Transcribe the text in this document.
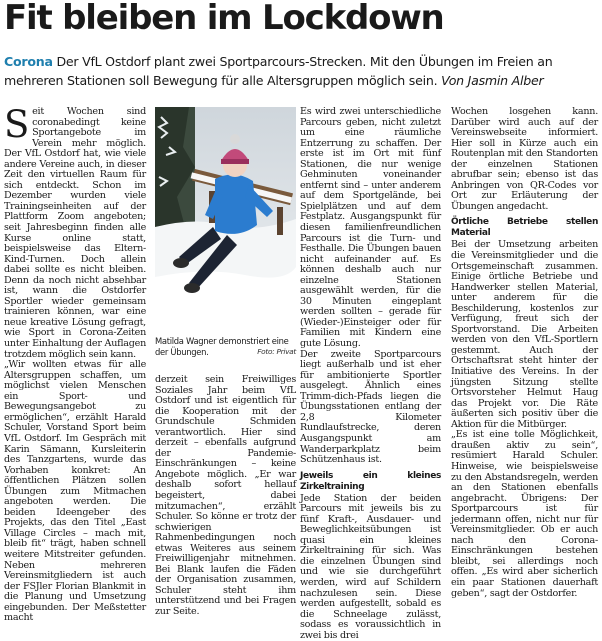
Fit bleiben im Lockdown

Corona Der VfL Ostdorf plant zwei Sportparcours-Strecken. Mit den Übungen im Freien an mehreren Stationen soll Bewegung für alle Altersgruppen möglich sein. Von Jasmin Alber

Seit Wochen sind coronabedingt keine Sportangebote im Verein mehr möglich. Der VfL Ostdorf hat, wie viele andere Vereine auch, in dieser Zeit den virtuellen Raum für sich entdeckt. Schon im Dezember wurden viele Trainingseinheiten auf der Plattform Zoom angeboten; seit Jahresbeginn finden alle Kurse online statt, beispielsweise das Eltern-Kind-Turnen. Doch allein dabei sollte es nicht bleiben. Denn da noch nicht absehbar ist, wann die Ostdorfer Sportler wieder gemeinsam trainieren können, war eine neue kreative Lösung gefragt, wie Sport in Corona-Zeiten unter Einhaltung der Auflagen trotzdem möglich sein kann.

„Wir wollten etwas für alle Altersgruppen schaffen, um möglichst vielen Menschen ein Sport- und Bewegungsangebot zu ermöglichen“, erzählt Harald Schuler, Vorstand Sport beim VfL Ostdorf. Im Gespräch mit Karin Sämann, Kursleiterin des Tanzgartens, wurde das Vorhaben konkret: An öffentlichen Plätzen sollen Übungen zum Mitmachen angeboten werden. Die beiden Ideengeber des Projekts, das den Titel „East Village Circles – mach mit, bleib fit“ trägt, haben schnell weitere Mitstreiter gefunden. Neben mehreren Vereinsmitgliedern ist auch der FSJler Florian Blankmit in die Planung und Umsetzung eingebunden. Der Meßstetter macht

Matilda Wagner demonstriert eine der Übungen.	Foto: Privat

derzeit sein Freiwilliges Soziales Jahr beim VfL Ostdorf und ist eigentlich für die Kooperation mit der Grundschule Schmiden verantwortlich. Hier sind derzeit – ebenfalls aufgrund der Pandemie-Einschränkungen – keine Angebote möglich. „Er war deshalb sofort hellauf begeistert, dabei mitzumachen“, erzählt Schuler. So könne er trotz der schwierigen Rahmenbedingungen noch etwas Weiteres aus seinem Freiwilligenjahr mitnehmen. Bei Blank laufen die Fäden der Organisation zusammen, Schuler steht ihm unterstützend und bei Fragen zur Seite.

Es wird zwei unterschiedliche Parcours geben, nicht zuletzt um eine räumliche Entzerrung zu schaffen. Der erste ist im Ort mit fünf Stationen, die nur wenige Gehminuten voneinander entfernt sind – unter anderem auf dem Sportgelände, bei Spielplätzen und auf dem Festplatz. Ausgangspunkt für diesen familienfreundlichen Parcours ist die Turn- und Festhalle. Die Übungen bauen nicht aufeinander auf. Es können deshalb auch nur einzelne Stationen ausgewählt werden, für die 30 Minuten eingeplant werden sollten – gerade für (Wieder-)Einsteiger oder für Familien mit Kindern eine gute Lösung.

Der zweite Sportparcours liegt außerhalb und ist eher für ambitionierte Sportler ausgelegt. Ähnlich eines Trimm-dich-Pfads liegen die Übungsstationen entlang der 2,8 Kilometer Rundlaufstrecke, deren Ausgangspunkt am Wanderparkplatz beim Schützenhaus ist.

Jeweils ein kleines Zirkeltraining

Jede Station der beiden Parcours mit jeweils bis zu fünf Kraft-, Ausdauer- und Beweglichkeitsübungen ist quasi ein kleines Zirkeltraining für sich. Was die einzelnen Übungen sind und wie sie durchgeführt werden, wird auf Schildern nachzulesen sein. Diese werden aufgestellt, sobald es die Schneelage zulässt, sodass es voraussichtlich in zwei bis drei

Wochen losgehen kann. Darüber wird auch auf der Vereinswebseite informiert. Hier soll in Kürze auch ein Routenplan mit den Standorten der einzelnen Stationen abrufbar sein; ebenso ist das Anbringen von QR-Codes vor Ort zur Erläuterung der Übungen angedacht.

Örtliche Betriebe stellen Material

Bei der Umsetzung arbeiten die Vereinsmitglieder und die Ortsgemeinschaft zusammen. Einige örtliche Betriebe und Handwerker stellen Material, unter anderem für die Beschilderung, kostenlos zur Verfügung, freut sich der Sportvorstand. Die Arbeiten werden von den VfL-Sportlern gestemmt. Auch der Ortschaftsrat steht hinter der Initiative des Vereins. In der jüngsten Sitzung stellte Ortsvorsteher Helmut Haug das Projekt vor. Die Räte äußerten sich positiv über die Aktion für die Mitbürger.

„Es ist eine tolle Möglichkeit, draußen aktiv zu sein“, resümiert Harald Schuler. Hinweise, wie beispielsweise zu den Abstandsregeln, werden an den Stationen ebenfalls angebracht. Übrigens: Der Sportparcours ist für jedermann offen, nicht nur für Vereinsmitglieder. Ob er auch nach den Corona-Einschränkungen bestehen bleibt, sei allerdings noch offen. „Es wird aber sicherlich ein paar Stationen dauerhaft geben“, sagt der Ostdorfer.
